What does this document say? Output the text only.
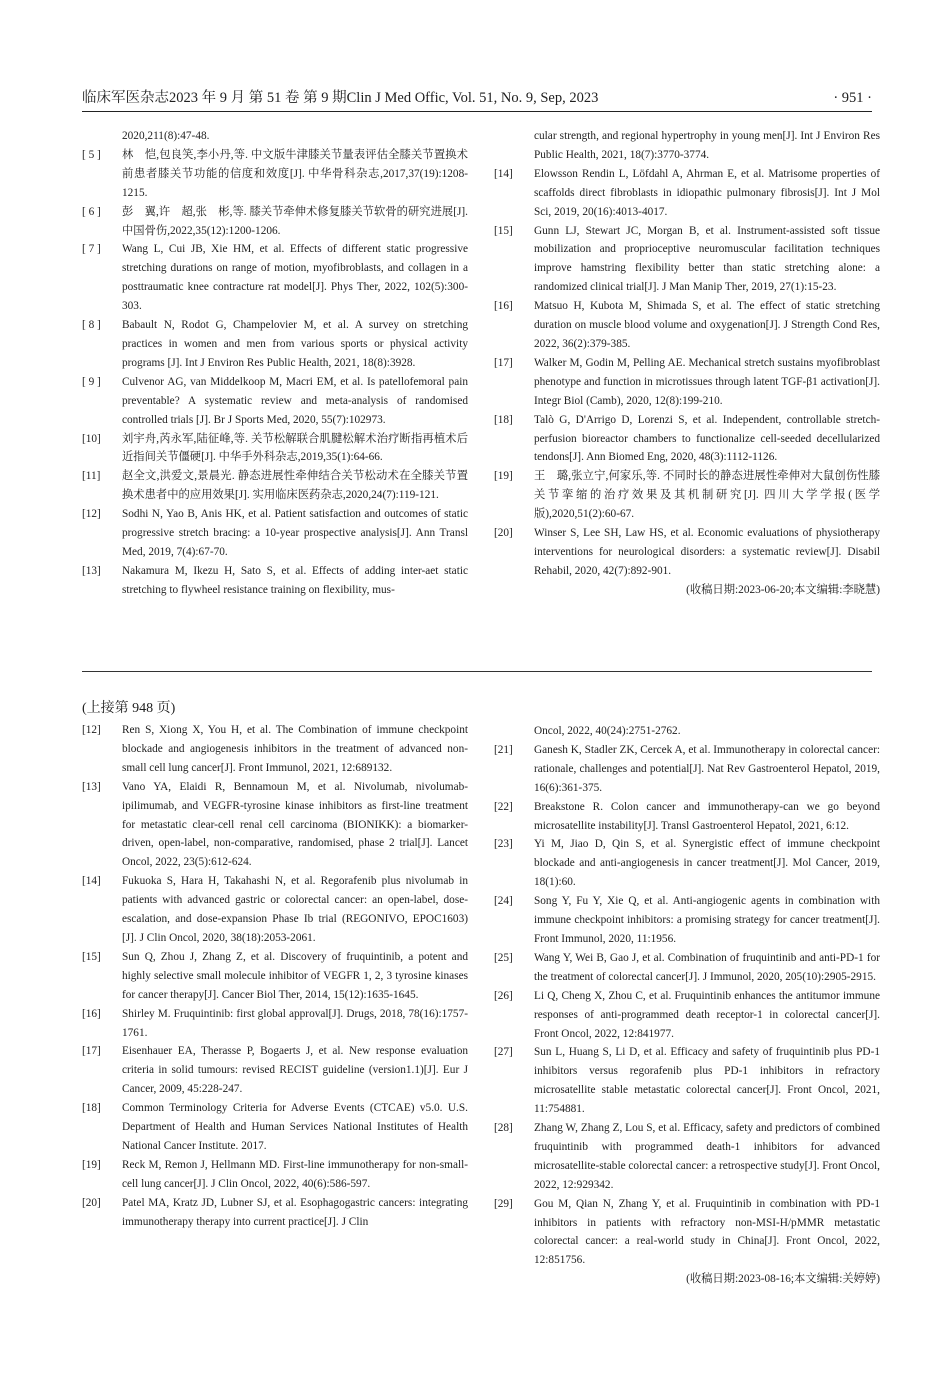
临床军医杂志 2023 年 9 月 第 51 卷 第 9 期 Clin J Med Offic, Vol. 51, No. 9, Sep, 2023	· 951 ·
2020,211(8):47-48.
[ 5 ]	林　恺,包良笑,李小丹,等. 中文版牛津膝关节量表评估全膝关节置换术前患者膝关节功能的信度和效度[J]. 中华骨科杂志,2017,37(19):1208-1215.
[ 6 ]	彭　翼,许　超,张　彬,等. 膝关节牵伸术修复膝关节软骨的研究进展[J]. 中国骨伤,2022,35(12):1200-1206.
[ 7 ]	Wang L, Cui JB, Xie HM, et al. Effects of different static progressive stretching durations on range of motion, myofibroblasts, and collagen in a posttraumatic knee contracture rat model[J]. Phys Ther, 2022, 102(5):300-303.
[ 8 ]	Babault N, Rodot G, Champelovier M, et al. A survey on stretching practices in women and men from various sports or physical activity programs [J]. Int J Environ Res Public Health, 2021, 18(8):3928.
[ 9 ]	Culvenor AG, van Middelkoop M, Macri EM, et al. Is patellofemoral pain preventable? A systematic review and meta-analysis of randomised controlled trials [J]. Br J Sports Med, 2020, 55(7):102973.
[10]	刘宇舟,芮永军,陆征峰,等. 关节松解联合肌腱松解术治疗断指再植术后近指间关节僵硬[J]. 中华手外科杂志,2019,35(1):64-66.
[11]	赵全文,洪爱文,景晨光. 静态进展性牵伸结合关节松动术在全膝关节置换术患者中的应用效果[J]. 实用临床医药杂志,2020,24(7):119-121.
[12]	Sodhi N, Yao B, Anis HK, et al. Patient satisfaction and outcomes of static progressive stretch bracing: a 10-year prospective analysis[J]. Ann Transl Med, 2019, 7(4):67-70.
[13]	Nakamura M, Ikezu H, Sato S, et al. Effects of adding inter-aet static stretching to flywheel resistance training on flexibility, mus-
cular strength, and regional hypertrophy in young men[J]. Int J Environ Res Public Health, 2021, 18(7):3770-3774.
[14]	Elowsson Rendin L, Löfdahl A, Ahrman E, et al. Matrisome properties of scaffolds direct fibroblasts in idiopathic pulmonary fibrosis[J]. Int J Mol Sci, 2019, 20(16):4013-4017.
[15]	Gunn LJ, Stewart JC, Morgan B, et al. Instrument-assisted soft tissue mobilization and proprioceptive neuromuscular facilitation techniques improve hamstring flexibility better than static stretching alone: a randomized clinical trial[J]. J Man Manip Ther, 2019, 27(1):15-23.
[16]	Matsuo H, Kubota M, Shimada S, et al. The effect of static stretching duration on muscle blood volume and oxygenation[J]. J Strength Cond Res, 2022, 36(2):379-385.
[17]	Walker M, Godin M, Pelling AE. Mechanical stretch sustains myofibroblast phenotype and function in microtissues through latent TGF-β1 activation[J]. Integr Biol (Camb), 2020, 12(8):199-210.
[18]	Talò G, D'Arrigo D, Lorenzi S, et al. Independent, controllable stretch-perfusion bioreactor chambers to functionalize cell-seeded decellularized tendons[J]. Ann Biomed Eng, 2020, 48(3):1112-1126.
[19]	王　璐,张立宁,何家乐,等. 不同时长的静态进展性牵伸对大鼠创伤性膝关节挛缩的治疗效果及其机制研究[J]. 四川大学学报(医学版),2020,51(2):60-67.
[20]	Winser S, Lee SH, Law HS, et al. Economic evaluations of physiotherapy interventions for neurological disorders: a systematic review[J]. Disabil Rehabil, 2020, 42(7):892-901.
(收稿日期:2023-06-20;本文编辑:李晓慧)
(上接第 948 页)
[12]	Ren S, Xiong X, You H, et al. The Combination of immune checkpoint blockade and angiogenesis inhibitors in the treatment of advanced non-small cell lung cancer[J]. Front Immunol, 2021, 12:689132.
[13]	Vano YA, Elaidi R, Bennamoun M, et al. Nivolumab, nivolumab-ipilimumab, and VEGFR-tyrosine kinase inhibitors as first-line treatment for metastatic clear-cell renal cell carcinoma (BIONIKK): a biomarker-driven, open-label, non-comparative, randomised, phase 2 trial[J]. Lancet Oncol, 2022, 23(5):612-624.
[14]	Fukuoka S, Hara H, Takahashi N, et al. Regorafenib plus nivolumab in patients with advanced gastric or colorectal cancer: an open-label, dose-escalation, and dose-expansion Phase Ib trial (REGONIVO, EPOC1603) [J]. J Clin Oncol, 2020, 38(18):2053-2061.
[15]	Sun Q, Zhou J, Zhang Z, et al. Discovery of fruquintinib, a potent and highly selective small molecule inhibitor of VEGFR 1, 2, 3 tyrosine kinases for cancer therapy[J]. Cancer Biol Ther, 2014, 15(12):1635-1645.
[16]	Shirley M. Fruquintinib: first global approval[J]. Drugs, 2018, 78(16):1757-1761.
[17]	Eisenhauer EA, Therasse P, Bogaerts J, et al. New response evaluation criteria in solid tumours: revised RECIST guideline (version1.1)[J]. Eur J Cancer, 2009, 45:228-247.
[18]	Common Terminology Criteria for Adverse Events (CTCAE) v5.0. U.S. Department of Health and Human Services National Institutes of Health National Cancer Institute. 2017.
[19]	Reck M, Remon J, Hellmann MD. First-line immunotherapy for non-small-cell lung cancer[J]. J Clin Oncol, 2022, 40(6):586-597.
[20]	Patel MA, Kratz JD, Lubner SJ, et al. Esophagogastric cancers: integrating immunotherapy therapy into current practice[J]. J Clin
Oncol, 2022, 40(24):2751-2762.
[21]	Ganesh K, Stadler ZK, Cercek A, et al. Immunotherapy in colorectal cancer: rationale, challenges and potential[J]. Nat Rev Gastroenterol Hepatol, 2019, 16(6):361-375.
[22]	Breakstone R. Colon cancer and immunotherapy-can we go beyond microsatellite instability[J]. Transl Gastroenterol Hepatol, 2021, 6:12.
[23]	Yi M, Jiao D, Qin S, et al. Synergistic effect of immune checkpoint blockade and anti-angiogenesis in cancer treatment[J]. Mol Cancer, 2019, 18(1):60.
[24]	Song Y, Fu Y, Xie Q, et al. Anti-angiogenic agents in combination with immune checkpoint inhibitors: a promising strategy for cancer treatment[J]. Front Immunol, 2020, 11:1956.
[25]	Wang Y, Wei B, Gao J, et al. Combination of fruquintinib and anti-PD-1 for the treatment of colorectal cancer[J]. J Immunol, 2020, 205(10):2905-2915.
[26]	Li Q, Cheng X, Zhou C, et al. Fruquintinib enhances the antitumor immune responses of anti-programmed death receptor-1 in colorectal cancer[J]. Front Oncol, 2022, 12:841977.
[27]	Sun L, Huang S, Li D, et al. Efficacy and safety of fruquintinib plus PD-1 inhibitors versus regorafenib plus PD-1 inhibitors in refractory microsatellite stable metastatic colorectal cancer[J]. Front Oncol, 2021, 11:754881.
[28]	Zhang W, Zhang Z, Lou S, et al. Efficacy, safety and predictors of combined fruquintinib with programmed death-1 inhibitors for advanced microsatellite-stable colorectal cancer: a retrospective study[J]. Front Oncol, 2022, 12:929342.
[29]	Gou M, Qian N, Zhang Y, et al. Fruquintinib in combination with PD-1 inhibitors in patients with refractory non-MSI-H/pMMR metastatic colorectal cancer: a real-world study in China[J]. Front Oncol, 2022, 12:851756.
(收稿日期:2023-08-16;本文编辑:关婷婷)
